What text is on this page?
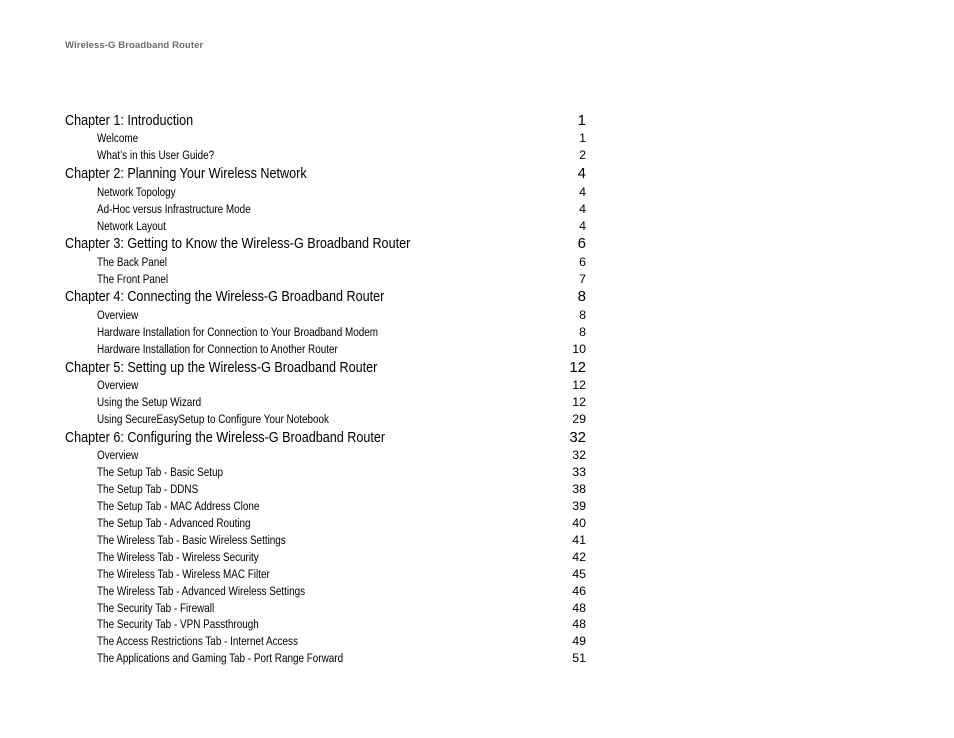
Wireless-G Broadband Router
Chapter 1: Introduction	1
Welcome	1
What’s in this User Guide?	2
Chapter 2: Planning Your Wireless Network	4
Network Topology	4
Ad-Hoc versus Infrastructure Mode	4
Network Layout	4
Chapter 3: Getting to Know the Wireless-G Broadband Router	6
The Back Panel	6
The Front Panel	7
Chapter 4: Connecting the Wireless-G Broadband Router	8
Overview	8
Hardware Installation for Connection to Your Broadband Modem	8
Hardware Installation for Connection to Another Router	10
Chapter 5: Setting up the Wireless-G Broadband Router	12
Overview	12
Using the Setup Wizard	12
Using SecureEasySetup to Configure Your Notebook	29
Chapter 6: Configuring the Wireless-G Broadband Router	32
Overview	32
The Setup Tab - Basic Setup	33
The Setup Tab - DDNS	38
The Setup Tab - MAC Address Clone	39
The Setup Tab - Advanced Routing	40
The Wireless Tab - Basic Wireless Settings	41
The Wireless Tab - Wireless Security	42
The Wireless Tab - Wireless MAC Filter	45
The Wireless Tab - Advanced Wireless Settings	46
The Security Tab - Firewall	48
The Security Tab - VPN Passthrough	48
The Access Restrictions Tab - Internet Access	49
The Applications and Gaming Tab - Port Range Forward	51
